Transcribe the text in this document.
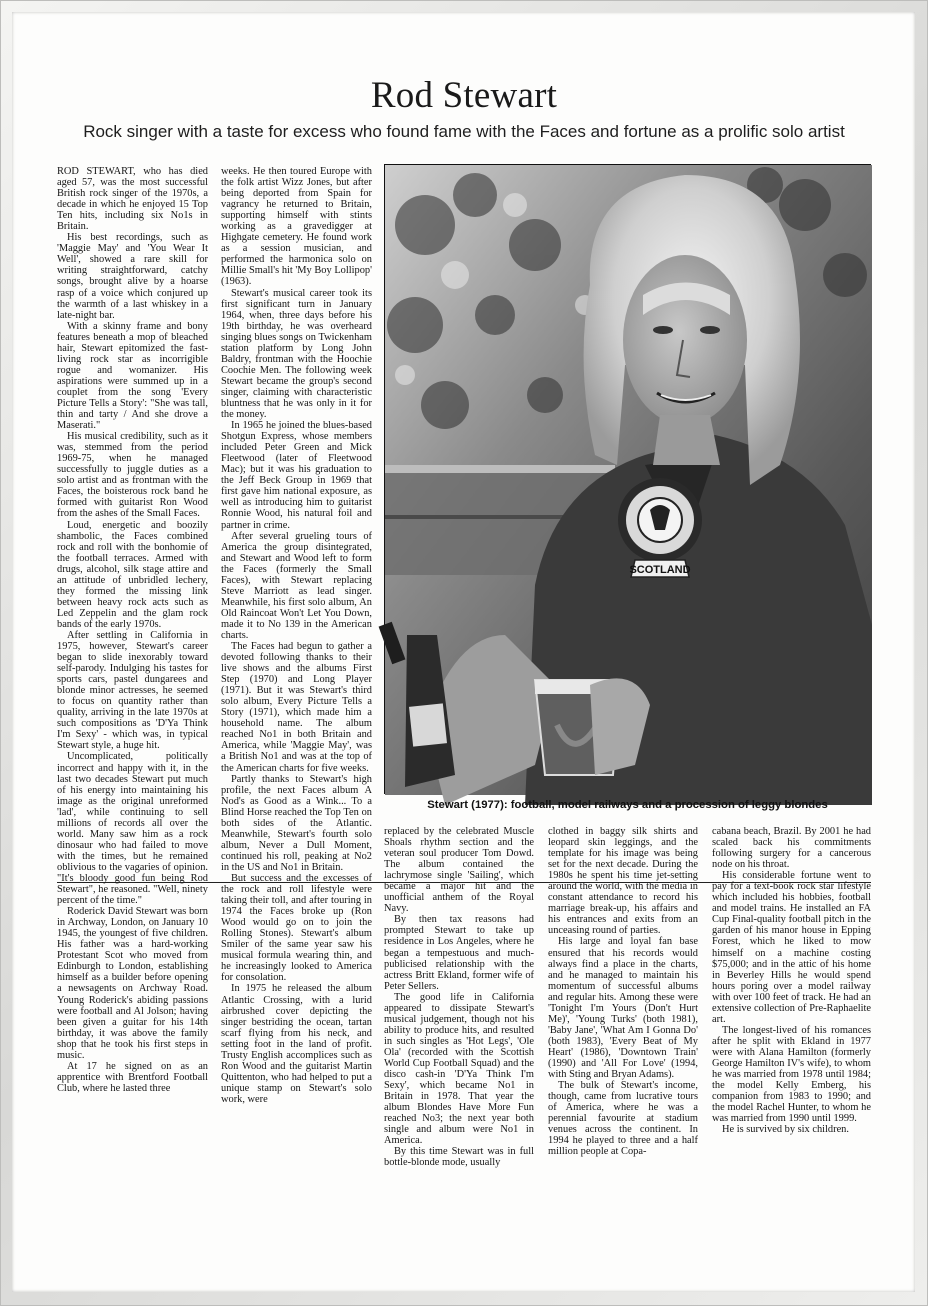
Rod Stewart
Rock singer with a taste for excess who found fame with the Faces and fortune as a prolific solo artist

ROD STEWART, who has died aged 57, was the most successful British rock singer of the 1970s, a decade in which he enjoyed 15 Top Ten hits, including six No1s in Britain.

His best recordings, such as 'Maggie May' and 'You Wear It Well', showed a rare skill for writing straightforward, catchy songs, brought alive by a hoarse rasp of a voice which conjured up the warmth of a last whiskey in a late-night bar.

With a skinny frame and bony features beneath a mop of bleached hair, Stewart epitomized the fast-living rock star as incorrigible rogue and womanizer. His aspirations were summed up in a couplet from the song 'Every Picture Tells a Story': "She was tall, thin and tarty / And she drove a Maserati."

His musical credibility, such as it was, stemmed from the period 1969-75, when he managed successfully to juggle duties as a solo artist and as frontman with the Faces, the boisterous rock band he formed with guitarist Ron Wood from the ashes of the Small Faces.

Loud, energetic and boozily shambolic, the Faces combined rock and roll with the bonhomie of the football terraces. Armed with drugs, alcohol, silk stage attire and an attitude of unbridled lechery, they formed the missing link between heavy rock acts such as Led Zeppelin and the glam rock bands of the early 1970s.

After settling in California in 1975, however, Stewart's career began to slide inexorably toward self-parody. Indulging his tastes for sports cars, pastel dungarees and blonde minor actresses, he seemed to focus on quantity rather than quality, arriving in the late 1970s at such compositions as 'D'Ya Think I'm Sexy' - which was, in typical Stewart style, a huge hit.

Uncomplicated, politically incorrect and happy with it, in the last two decades Stewart put much of his energy into maintaining his image as the original unreformed 'lad', while continuing to sell millions of records all over the world. Many saw him as a rock dinosaur who had failed to move with the times, but he remained oblivious to the vagaries of opinion. "It's bloody good fun being Rod Stewart", he reasoned. "Well, ninety percent of the time."

Roderick David Stewart was born in Archway, London, on January 10 1945, the youngest of five children. His father was a hard-working Protestant Scot who moved from Edinburgh to London, establishing himself as a builder before opening a newsagents on Archway Road. Young Roderick's abiding passions were football and Al Jolson; having been given a guitar for his 14th birthday, it was above the family shop that he took his first steps in music.

At 17 he signed on as an apprentice with Brentford Football Club, where he lasted three

weeks. He then toured Europe with the folk artist Wizz Jones, but after being deported from Spain for vagrancy he returned to Britain, supporting himself with stints working as a gravedigger at Highgate cemetery. He found work as a session musician, and performed the harmonica solo on Millie Small's hit 'My Boy Lollipop' (1963).

Stewart's musical career took its first significant turn in January 1964, when, three days before his 19th birthday, he was overheard singing blues songs on Twickenham station platform by Long John Baldry, frontman with the Hoochie Coochie Men. The following week Stewart became the group's second singer, claiming with characteristic bluntness that he was only in it for the money.

In 1965 he joined the blues-based Shotgun Express, whose members included Peter Green and Mick Fleetwood (later of Fleetwood Mac); but it was his graduation to the Jeff Beck Group in 1969 that first gave him national exposure, as well as introducing him to guitarist Ronnie Wood, his natural foil and partner in crime.

After several grueling tours of America the group disintegrated, and Stewart and Wood left to form the Faces (formerly the Small Faces), with Stewart replacing Steve Marriott as lead singer. Meanwhile, his first solo album, An Old Raincoat Won't Let You Down, made it to No 139 in the American charts.

The Faces had begun to gather a devoted following thanks to their live shows and the albums First Step (1970) and Long Player (1971). But it was Stewart's third solo album, Every Picture Tells a Story (1971), which made him a household name. The album reached No1 in both Britain and America, while 'Maggie May', was a British No1 and was at the top of the American charts for five weeks.

Partly thanks to Stewart's high profile, the next Faces album A Nod's as Good as a Wink... To a Blind Horse reached the Top Ten on both sides of the Atlantic. Meanwhile, Stewart's fourth solo album, Never a Dull Moment, continued his roll, peaking at No2 in the US and No1 in Britain.

But success and the excesses of the rock and roll lifestyle were taking their toll, and after touring in 1974 the Faces broke up (Ron Wood would go on to join the Rolling Stones). Stewart's album Smiler of the same year saw his musical formula wearing thin, and he increasingly looked to America for consolation.

In 1975 he released the album Atlantic Crossing, with a lurid airbrushed cover depicting the singer bestriding the ocean, tartan scarf flying from his neck, and setting foot in the land of profit. Trusty English accomplices such as Ron Wood and the guitarist Martin Quittenton, who had helped to put a unique stamp on Stewart's solo work, were

SCOTLAND
Stewart (1977): football, model railways and a procession of leggy blondes

replaced by the celebrated Muscle Shoals rhythm section and the veteran soul producer Tom Dowd. The album contained the lachrymose single 'Sailing', which became a major hit and the unofficial anthem of the Royal Navy.

By then tax reasons had prompted Stewart to take up residence in Los Angeles, where he began a tempestuous and much-publicised relationship with the actress Britt Ekland, former wife of Peter Sellers.

The good life in California appeared to dissipate Stewart's musical judgement, though not his ability to produce hits, and resulted in such singles as 'Hot Legs', 'Ole Ola' (recorded with the Scottish World Cup Football Squad) and the disco cash-in 'D'Ya Think I'm Sexy', which became No1 in Britain in 1978. That year the album Blondes Have More Fun reached No3; the next year both single and album were No1 in America.

By this time Stewart was in full bottle-blonde mode, usually

clothed in baggy silk shirts and leopard skin leggings, and the template for his image was being set for the next decade. During the 1980s he spent his time jet-setting around the world, with the media in constant attendance to record his marriage break-up, his affairs and his entrances and exits from an unceasing round of parties.

His large and loyal fan base ensured that his records would always find a place in the charts, and he managed to maintain his momentum of successful albums and regular hits. Among these were 'Tonight I'm Yours (Don't Hurt Me)', 'Young Turks' (both 1981), 'Baby Jane', 'What Am I Gonna Do' (both 1983), 'Every Beat of My Heart' (1986), 'Downtown Train' (1990) and 'All For Love' (1994, with Sting and Bryan Adams).

The bulk of Stewart's income, though, came from lucrative tours of America, where he was a perennial favourite at stadium venues across the continent. In 1994 he played to three and a half million people at Copa-

cabana beach, Brazil. By 2001 he had scaled back his commitments following surgery for a cancerous node on his throat.

His considerable fortune went to pay for a text-book rock star lifestyle which included his hobbies, football and model trains. He installed an FA Cup Final-quality football pitch in the garden of his manor house in Epping Forest, which he liked to mow himself on a machine costing $75,000; and in the attic of his home in Beverley Hills he would spend hours poring over a model railway with over 100 feet of track. He had an extensive collection of Pre-Raphaelite art.

The longest-lived of his romances after he split with Ekland in 1977 were with Alana Hamilton (formerly George Hamilton IV's wife), to whom he was married from 1978 until 1984; the model Kelly Emberg, his companion from 1983 to 1990; and the model Rachel Hunter, to whom he was married from 1990 until 1999.

He is survived by six children.
